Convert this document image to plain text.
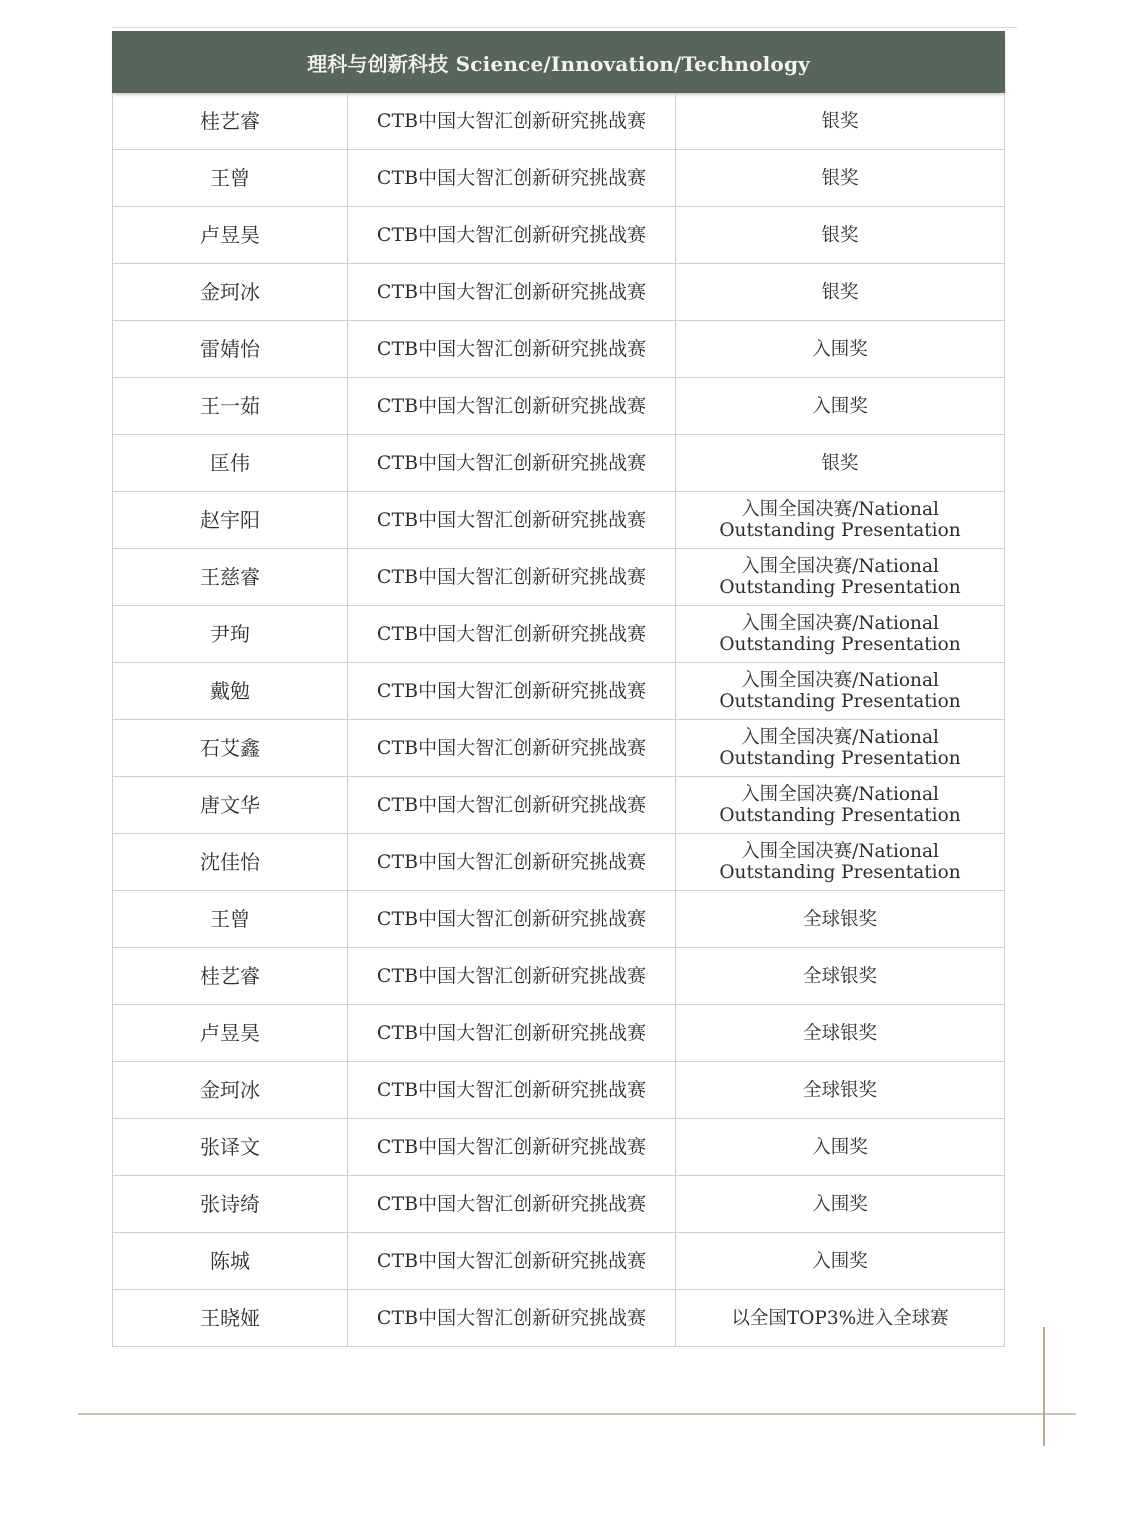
理科与创新科技 Science/Innovation/Technology		
桂艺睿	CTB中国大智汇创新研究挑战赛	银奖
王曾	CTB中国大智汇创新研究挑战赛	银奖
卢昱昊	CTB中国大智汇创新研究挑战赛	银奖
金珂冰	CTB中国大智汇创新研究挑战赛	银奖
雷婧怡	CTB中国大智汇创新研究挑战赛	入围奖
王一茹	CTB中国大智汇创新研究挑战赛	入围奖
匡伟	CTB中国大智汇创新研究挑战赛	银奖
赵宇阳	CTB中国大智汇创新研究挑战赛	入围全国决赛/National Outstanding Presentation
王慈睿	CTB中国大智汇创新研究挑战赛	入围全国决赛/National Outstanding Presentation
尹珣	CTB中国大智汇创新研究挑战赛	入围全国决赛/National Outstanding Presentation
戴勉	CTB中国大智汇创新研究挑战赛	入围全国决赛/National Outstanding Presentation
石艾鑫	CTB中国大智汇创新研究挑战赛	入围全国决赛/National Outstanding Presentation
唐文华	CTB中国大智汇创新研究挑战赛	入围全国决赛/National Outstanding Presentation
沈佳怡	CTB中国大智汇创新研究挑战赛	入围全国决赛/National Outstanding Presentation
王曾	CTB中国大智汇创新研究挑战赛	全球银奖
桂艺睿	CTB中国大智汇创新研究挑战赛	全球银奖
卢昱昊	CTB中国大智汇创新研究挑战赛	全球银奖
金珂冰	CTB中国大智汇创新研究挑战赛	全球银奖
张译文	CTB中国大智汇创新研究挑战赛	入围奖
张诗绮	CTB中国大智汇创新研究挑战赛	入围奖
陈城	CTB中国大智汇创新研究挑战赛	入围奖
王晓娅	CTB中国大智汇创新研究挑战赛	以全国TOP3%进入全球赛
